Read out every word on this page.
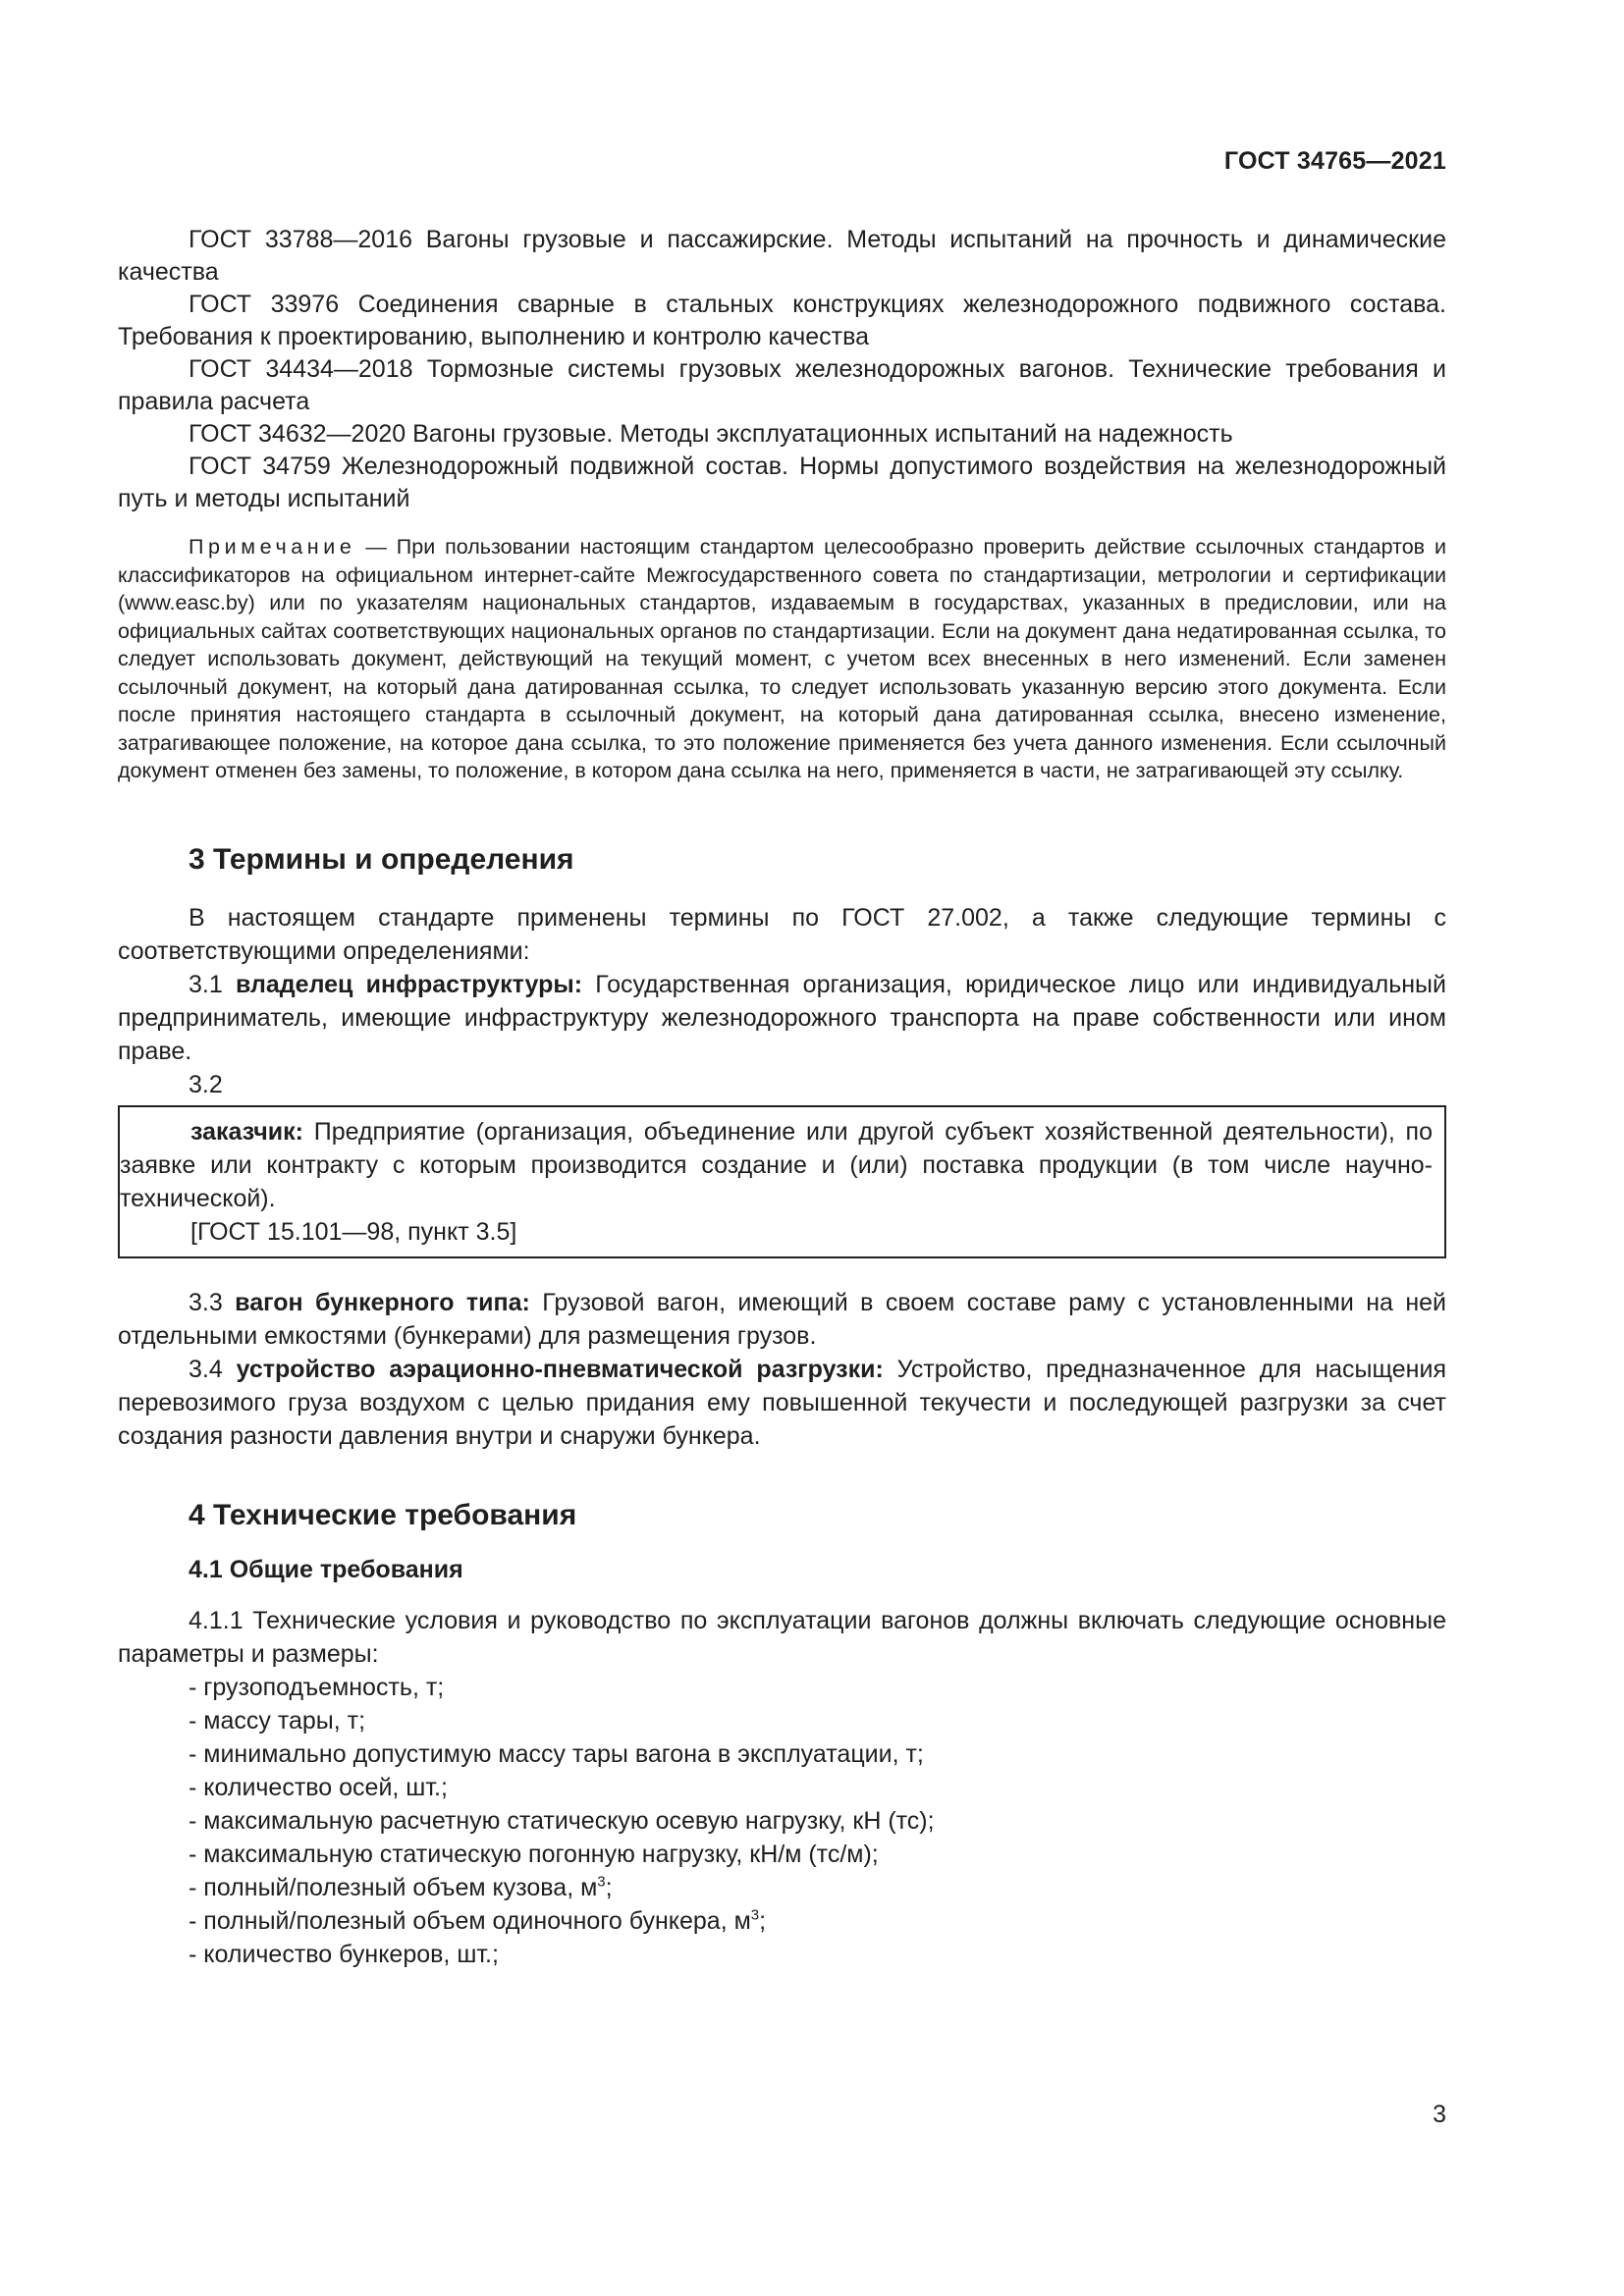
ГОСТ 34765—2021

ГОСТ 33788—2016 Вагоны грузовые и пассажирские. Методы испытаний на прочность и динамические качества

ГОСТ 33976 Соединения сварные в стальных конструкциях железнодорожного подвижного состава. Требования к проектированию, выполнению и контролю качества

ГОСТ 34434—2018 Тормозные системы грузовых железнодорожных вагонов. Технические требования и правила расчета

ГОСТ 34632—2020 Вагоны грузовые. Методы эксплуатационных испытаний на надежность

ГОСТ 34759 Железнодорожный подвижной состав. Нормы допустимого воздействия на железнодорожный путь и методы испытаний

Примечание — При пользовании настоящим стандартом целесообразно проверить действие ссылочных стандартов и классификаторов на официальном интернет-сайте Межгосударственного совета по стандартизации, метрологии и сертификации (www.easc.by) или по указателям национальных стандартов, издаваемым в государствах, указанных в предисловии, или на официальных сайтах соответствующих национальных органов по стандартизации. Если на документ дана недатированная ссылка, то следует использовать документ, действующий на текущий момент, с учетом всех внесенных в него изменений. Если заменен ссылочный документ, на который дана датированная ссылка, то следует использовать указанную версию этого документа. Если после принятия настоящего стандарта в ссылочный документ, на который дана датированная ссылка, внесено изменение, затрагивающее положение, на которое дана ссылка, то это положение применяется без учета данного изменения. Если ссылочный документ отменен без замены, то положение, в котором дана ссылка на него, применяется в части, не затрагивающей эту ссылку.

3 Термины и определения

В настоящем стандарте применены термины по ГОСТ 27.002, а также следующие термины с соответствующими определениями:

3.1 владелец инфраструктуры: Государственная организация, юридическое лицо или индивидуальный предприниматель, имеющие инфраструктуру железнодорожного транспорта на праве собственности или ином праве.

3.2

заказчик: Предприятие (организация, объединение или другой субъект хозяйственной деятельности), по заявке или контракту с которым производится создание и (или) поставка продукции (в том числе научно-технической).

[ГОСТ 15.101—98, пункт 3.5]

3.3 вагон бункерного типа: Грузовой вагон, имеющий в своем составе раму с установленными на ней отдельными емкостями (бункерами) для размещения грузов.

3.4 устройство аэрационно-пневматической разгрузки: Устройство, предназначенное для насыщения перевозимого груза воздухом с целью придания ему повышенной текучести и последующей разгрузки за счет создания разности давления внутри и снаружи бункера.

4 Технические требования
4.1 Общие требования

4.1.1 Технические условия и руководство по эксплуатации вагонов должны включать следующие основные параметры и размеры:

- грузоподъемность, т;
- массу тары, т;
- минимально допустимую массу тары вагона в эксплуатации, т;
- количество осей, шт.;
- максимальную расчетную статическую осевую нагрузку, кН (тс);
- максимальную статическую погонную нагрузку, кН/м (тс/м);
- полный/полезный объем кузова, $м^3$;
- полный/полезный объем одиночного бункера, $м^3$;
- количество бункеров, шт.;
3
